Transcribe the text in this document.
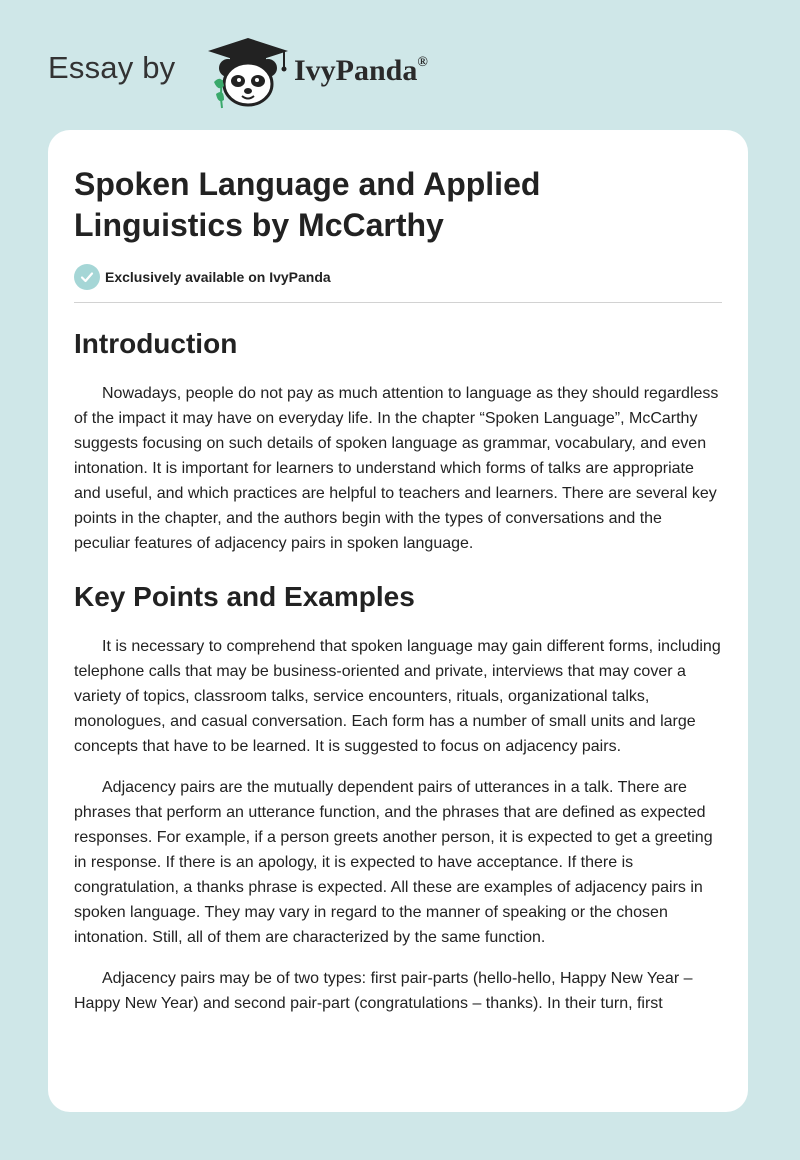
Essay by	IvyPanda®
Spoken Language and Applied
Linguistics by McCarthy
Exclusively available on IvyPanda
Introduction

Nowadays, people do not pay as much attention to language as they should regardless of the impact it may have on everyday life. In the chapter “Spoken Language”, McCarthy suggests focusing on such details of spoken language as grammar, vocabulary, and even intonation. It is important for learners to understand which forms of talks are appropriate and useful, and which practices are helpful to teachers and learners. There are several key points in the chapter, and the authors begin with the types of conversations and the peculiar features of adjacency pairs in spoken language.

Key Points and Examples

It is necessary to comprehend that spoken language may gain different forms, including telephone calls that may be business-oriented and private, interviews that may cover a variety of topics, classroom talks, service encounters, rituals, organizational talks, monologues, and casual conversation. Each form has a number of small units and large concepts that have to be learned. It is suggested to focus on adjacency pairs.

Adjacency pairs are the mutually dependent pairs of utterances in a talk. There are phrases that perform an utterance function, and the phrases that are defined as expected responses. For example, if a person greets another person, it is expected to get a greeting in response. If there is an apology, it is expected to have acceptance. If there is congratulation, a thanks phrase is expected. All these are examples of adjacency pairs in spoken language. They may vary in regard to the manner of speaking or the chosen intonation. Still, all of them are characterized by the same function.

Adjacency pairs may be of two types: first pair-parts (hello-hello, Happy New Year – Happy New Year) and second pair-part (congratulations – thanks). In their turn, first
